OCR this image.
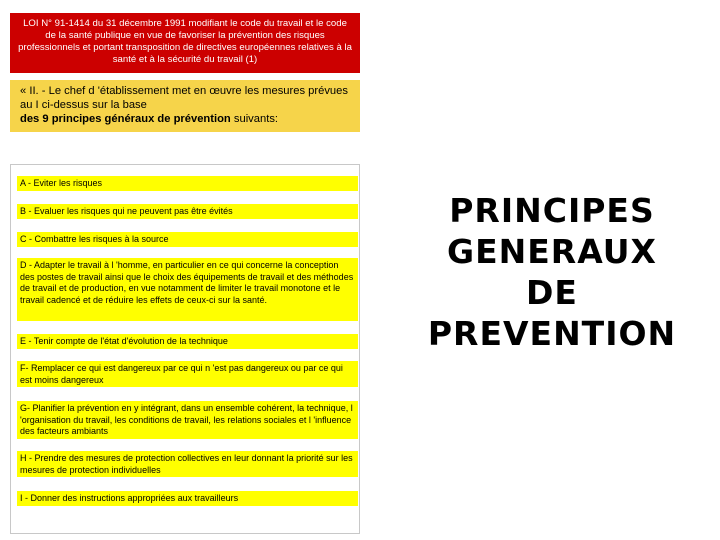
LOI N° 91-1414 du 31 décembre 1991 modifiant le code du travail et le code de la santé publique en vue de favoriser la prévention des risques professionnels et portant transposition de directives européennes relatives à la santé et à la sécurité du travail (1)
« II. - Le chef d 'établissement met en œuvre les mesures prévues au I ci-dessus sur la base
des 9 principes généraux de prévention suivants:
A - Eviter les risques
B - Evaluer les risques qui ne peuvent pas être évités
C - Combattre les risques à la source
D - Adapter le travail à l 'homme, en particulier en ce qui concerne la conception des postes de travail ainsi que le choix des équipements de travail et des méthodes de travail et de production, en vue notamment de limiter le travail monotone et le travail cadencé et de réduire les effets de ceux-ci sur la santé.
E - Tenir compte de l'état d'évolution de la technique
F- Remplacer ce qui est dangereux par ce qui n 'est pas dangereux ou par ce qui est moins dangereux
G- Planifier la prévention en y intégrant, dans un ensemble cohérent, la technique, l 'organisation du travail, les conditions de travail, les relations sociales et l 'influence des facteurs ambiants
H - Prendre des mesures de protection collectives en leur donnant la priorité sur les mesures de protection individuelles
I - Donner des instructions appropriées aux travailleurs
PRINCIPES
GENERAUX
DE
PREVENTION
